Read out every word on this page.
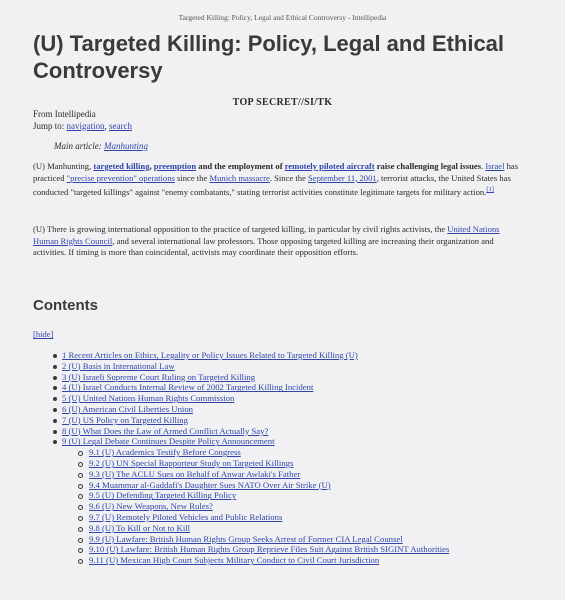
Targeted Killing: Policy, Legal and Ethical Controversy - Intellipedia
(U) Targeted Killing: Policy, Legal and Ethical Controversy
TOP SECRET//SI/TK
From Intellipedia
Jump to: navigation, search
Main article: Manhunting

(U) Manhunting, targeted killing, preemption and the employment of remotely piloted aircraft raise challenging legal issues. Israel has practiced "precise prevention" operations since the Munich massacre. Since the September 11, 2001, terrorist attacks, the United States has conducted "targeted killings" against "enemy combatants," stating terrorist activities constitute legitimate targets for military action.[1]

(U) There is growing international opposition to the practice of targeted killing, in particular by civil rights activists, the United Nations Human Rights Council, and several international law professors. Those opposing targeted killing are increasing their organization and activities. If timing is more than coincidental, activists may coordinate their opposition efforts.

Contents
[hide]
1 Recent Articles on Ethics, Legality or Policy Issues Related to Targeted Killing (U)
2 (U) Basis in International Law
3 (U) Israeli Supreme Court Ruling on Targeted Killing
4 (U) Israel Conducts Internal Review of 2002 Targeted Killing Incident
5 (U) United Nations Human Rights Commission
6 (U) American Civil Liberties Union
7 (U) US Policy on Targeted Killing
8 (U) What Does the Law of Armed Conflict Actually Say?
9 (U) Legal Debate Continues Despite Policy Announcement
9.1 (U) Academics Testify Before Congress
9.2 (U) UN Special Rapporteur Study on Targeted Killings
9.3 (U) The ACLU Sues on Behalf of Anwar Awlaki's Father
9.4 Muammar al-Gaddafi's Daughter Sues NATO Over Air Strike (U)
9.5 (U) Defending Targeted Killing Policy
9.6 (U) New Weapons, New Rules?
9.7 (U) Remotely Piloted Vehicles and Public Relations
9.8 (U) To Kill or Not to Kill
9.9 (U) Lawfare: British Human Rights Group Seeks Arrest of Former CIA Legal Counsel
9.10 (U) Lawfare: British Human Rights Group Reprieve Files Suit Against British SIGINT Authorities
9.11 (U) Mexican High Court Subjects Military Conduct to Civil Court Jurisdiction
